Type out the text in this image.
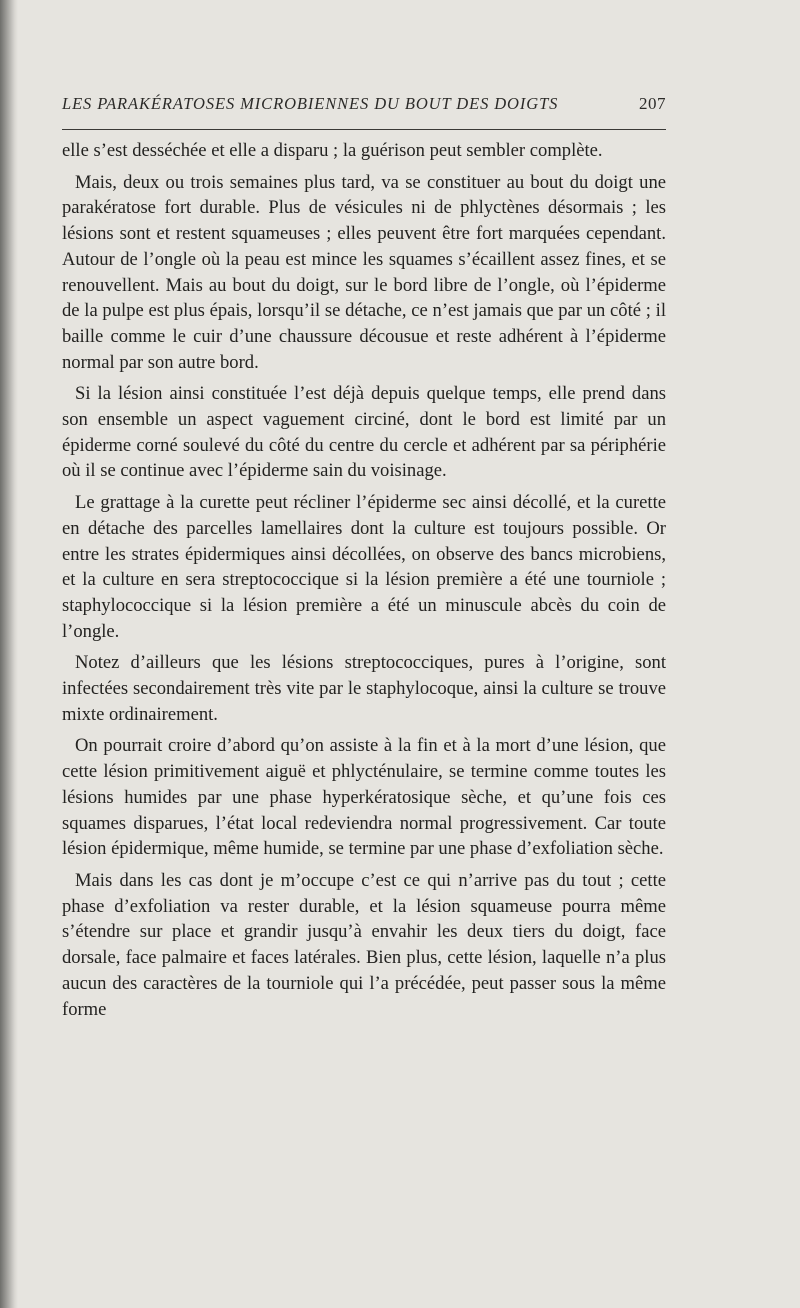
LES PARAKÉRATOSES MICROBIENNES DU BOUT DES DOIGTS	207

elle s’est desséchée et elle a disparu ; la guérison peut sembler complète.

Mais, deux ou trois semaines plus tard, va se constituer au bout du doigt une parakératose fort durable. Plus de vésicules ni de phlyctènes désormais ; les lésions sont et restent squameuses ; elles peuvent être fort marquées cependant. Autour de l’ongle où la peau est mince les squames s’écaillent assez fines, et se renouvellent. Mais au bout du doigt, sur le bord libre de l’ongle, où l’épiderme de la pulpe est plus épais, lorsqu’il se détache, ce n’est jamais que par un côté ; il baille comme le cuir d’une chaussure décousue et reste adhérent à l’épiderme normal par son autre bord.

Si la lésion ainsi constituée l’est déjà depuis quelque temps, elle prend dans son ensemble un aspect vaguement circiné, dont le bord est limité par un épiderme corné soulevé du côté du centre du cercle et adhérent par sa périphérie où il se continue avec l’épiderme sain du voisinage.

Le grattage à la curette peut récliner l’épiderme sec ainsi décollé, et la curette en détache des parcelles lamellaires dont la culture est toujours possible. Or entre les strates épidermiques ainsi décollées, on observe des bancs microbiens, et la culture en sera streptococcique si la lésion première a été une tourniole ; staphylococcique si la lésion première a été un minuscule abcès du coin de l’ongle.

Notez d’ailleurs que les lésions streptococciques, pures à l’origine, sont infectées secondairement très vite par le staphylocoque, ainsi la culture se trouve mixte ordinairement.

On pourrait croire d’abord qu’on assiste à la fin et à la mort d’une lésion, que cette lésion primitivement aiguë et phlycténulaire, se termine comme toutes les lésions humides par une phase hyperkératosique sèche, et qu’une fois ces squames disparues, l’état local redeviendra normal progressivement. Car toute lésion épidermique, même humide, se termine par une phase d’exfoliation sèche.

Mais dans les cas dont je m’occupe c’est ce qui n’arrive pas du tout ; cette phase d’exfoliation va rester durable, et la lésion squameuse pourra même s’étendre sur place et grandir jusqu’à envahir les deux tiers du doigt, face dorsale, face palmaire et faces latérales. Bien plus, cette lésion, laquelle n’a plus aucun des caractères de la tourniole qui l’a précédée, peut passer sous la même forme
